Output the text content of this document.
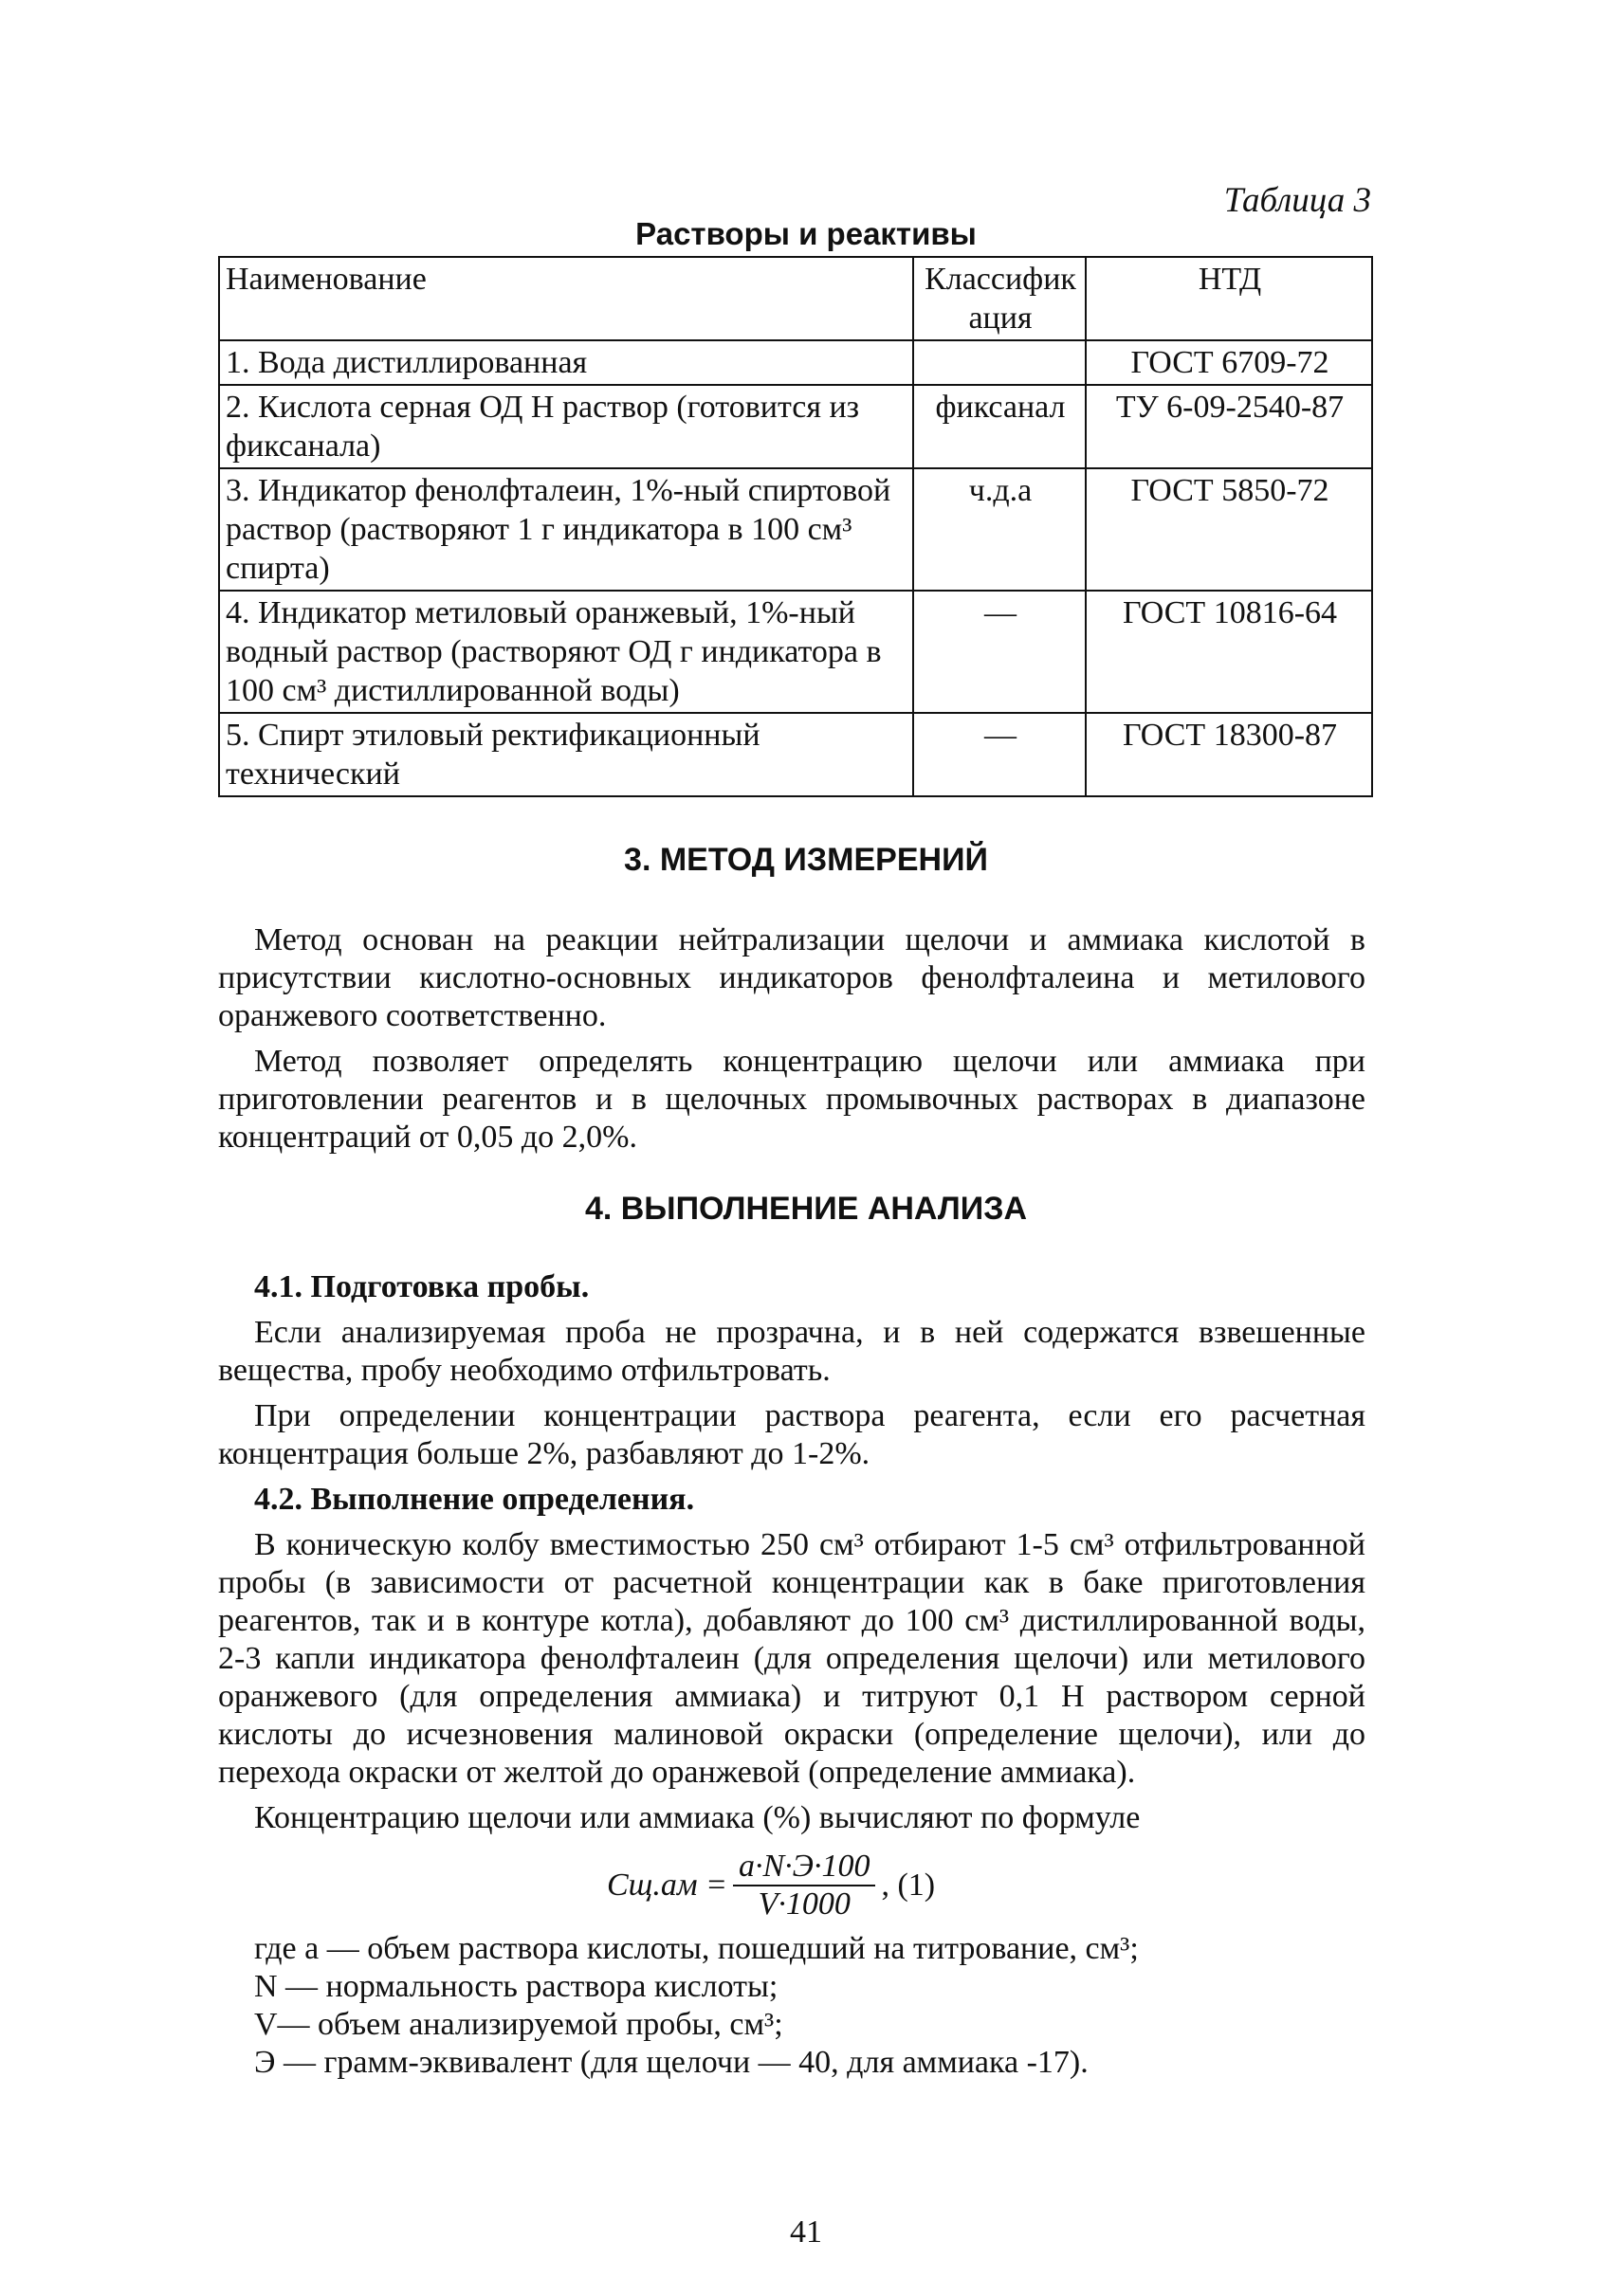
Таблица 3
Растворы и реактивы
Наименование	Классифик ация	НТД
1. Вода дистиллированная		ГОСТ 6709-72
2. Кислота серная ОД Н раствор (готовится из фиксанала)	фиксанал	ТУ 6-09-2540-87
3. Индикатор фенолфталеин, 1%-ный спиртовой раствор (растворяют 1 г индикатора в 100 см³ спирта)	ч.д.а	ГОСТ 5850-72
4. Индикатор метиловый оранжевый, 1%-ный водный раствор (растворяют ОД г индикатора в 100 см³ дистиллированной воды)	—	ГОСТ 10816-64
5. Спирт этиловый ректификационный технический	—	ГОСТ 18300-87
3. МЕТОД ИЗМЕРЕНИЙ

Метод основан на реакции нейтрализации щелочи и аммиака кислотой в присутствии кислотно-основных индикаторов фенолфталеина и метилового оранжевого соответственно.

Метод позволяет определять концентрацию щелочи или аммиака при приготовлении реагентов и в щелочных промывочных растворах в диапазоне концентраций от 0,05 до 2,0%.

4. ВЫПОЛНЕНИЕ АНАЛИЗА

4.1. Подготовка пробы.

Если анализируемая проба не прозрачна, и в ней содержатся взвешенные вещества, пробу необходимо отфильтровать.

При определении концентрации раствора реагента, если его расчетная концентрация больше 2%, разбавляют до 1-2%.

4.2. Выполнение определения.

В коническую колбу вместимостью 250 см³ отбирают 1-5 см³ отфильтрованной пробы (в зависимости от расчетной концентрации как в баке приготовления реагентов, так и в контуре котла), добавляют до 100 см³ дистиллированной воды, 2-3 капли индикатора фенолфталеин (для определения щелочи) или метилового оранжевого (для определения аммиака) и титруют 0,1 Н раствором серной кислоты до исчезновения малиновой окраски (определение щелочи), или до перехода окраски от желтой до оранжевой (определение аммиака).

Концентрацию щелочи или аммиака (%) вычисляют по формуле

$Сщ.ам = \frac{a\cdot N\cdot Э\cdot 100}{V\cdot 1000}$ , (1)
где a — объем раствора кислоты, пошедший на титрование, см³;
N — нормальность раствора кислоты;
V— объем анализируемой пробы, см³;
Э — грамм-эквивалент (для щелочи — 40, для аммиака -17).
41
